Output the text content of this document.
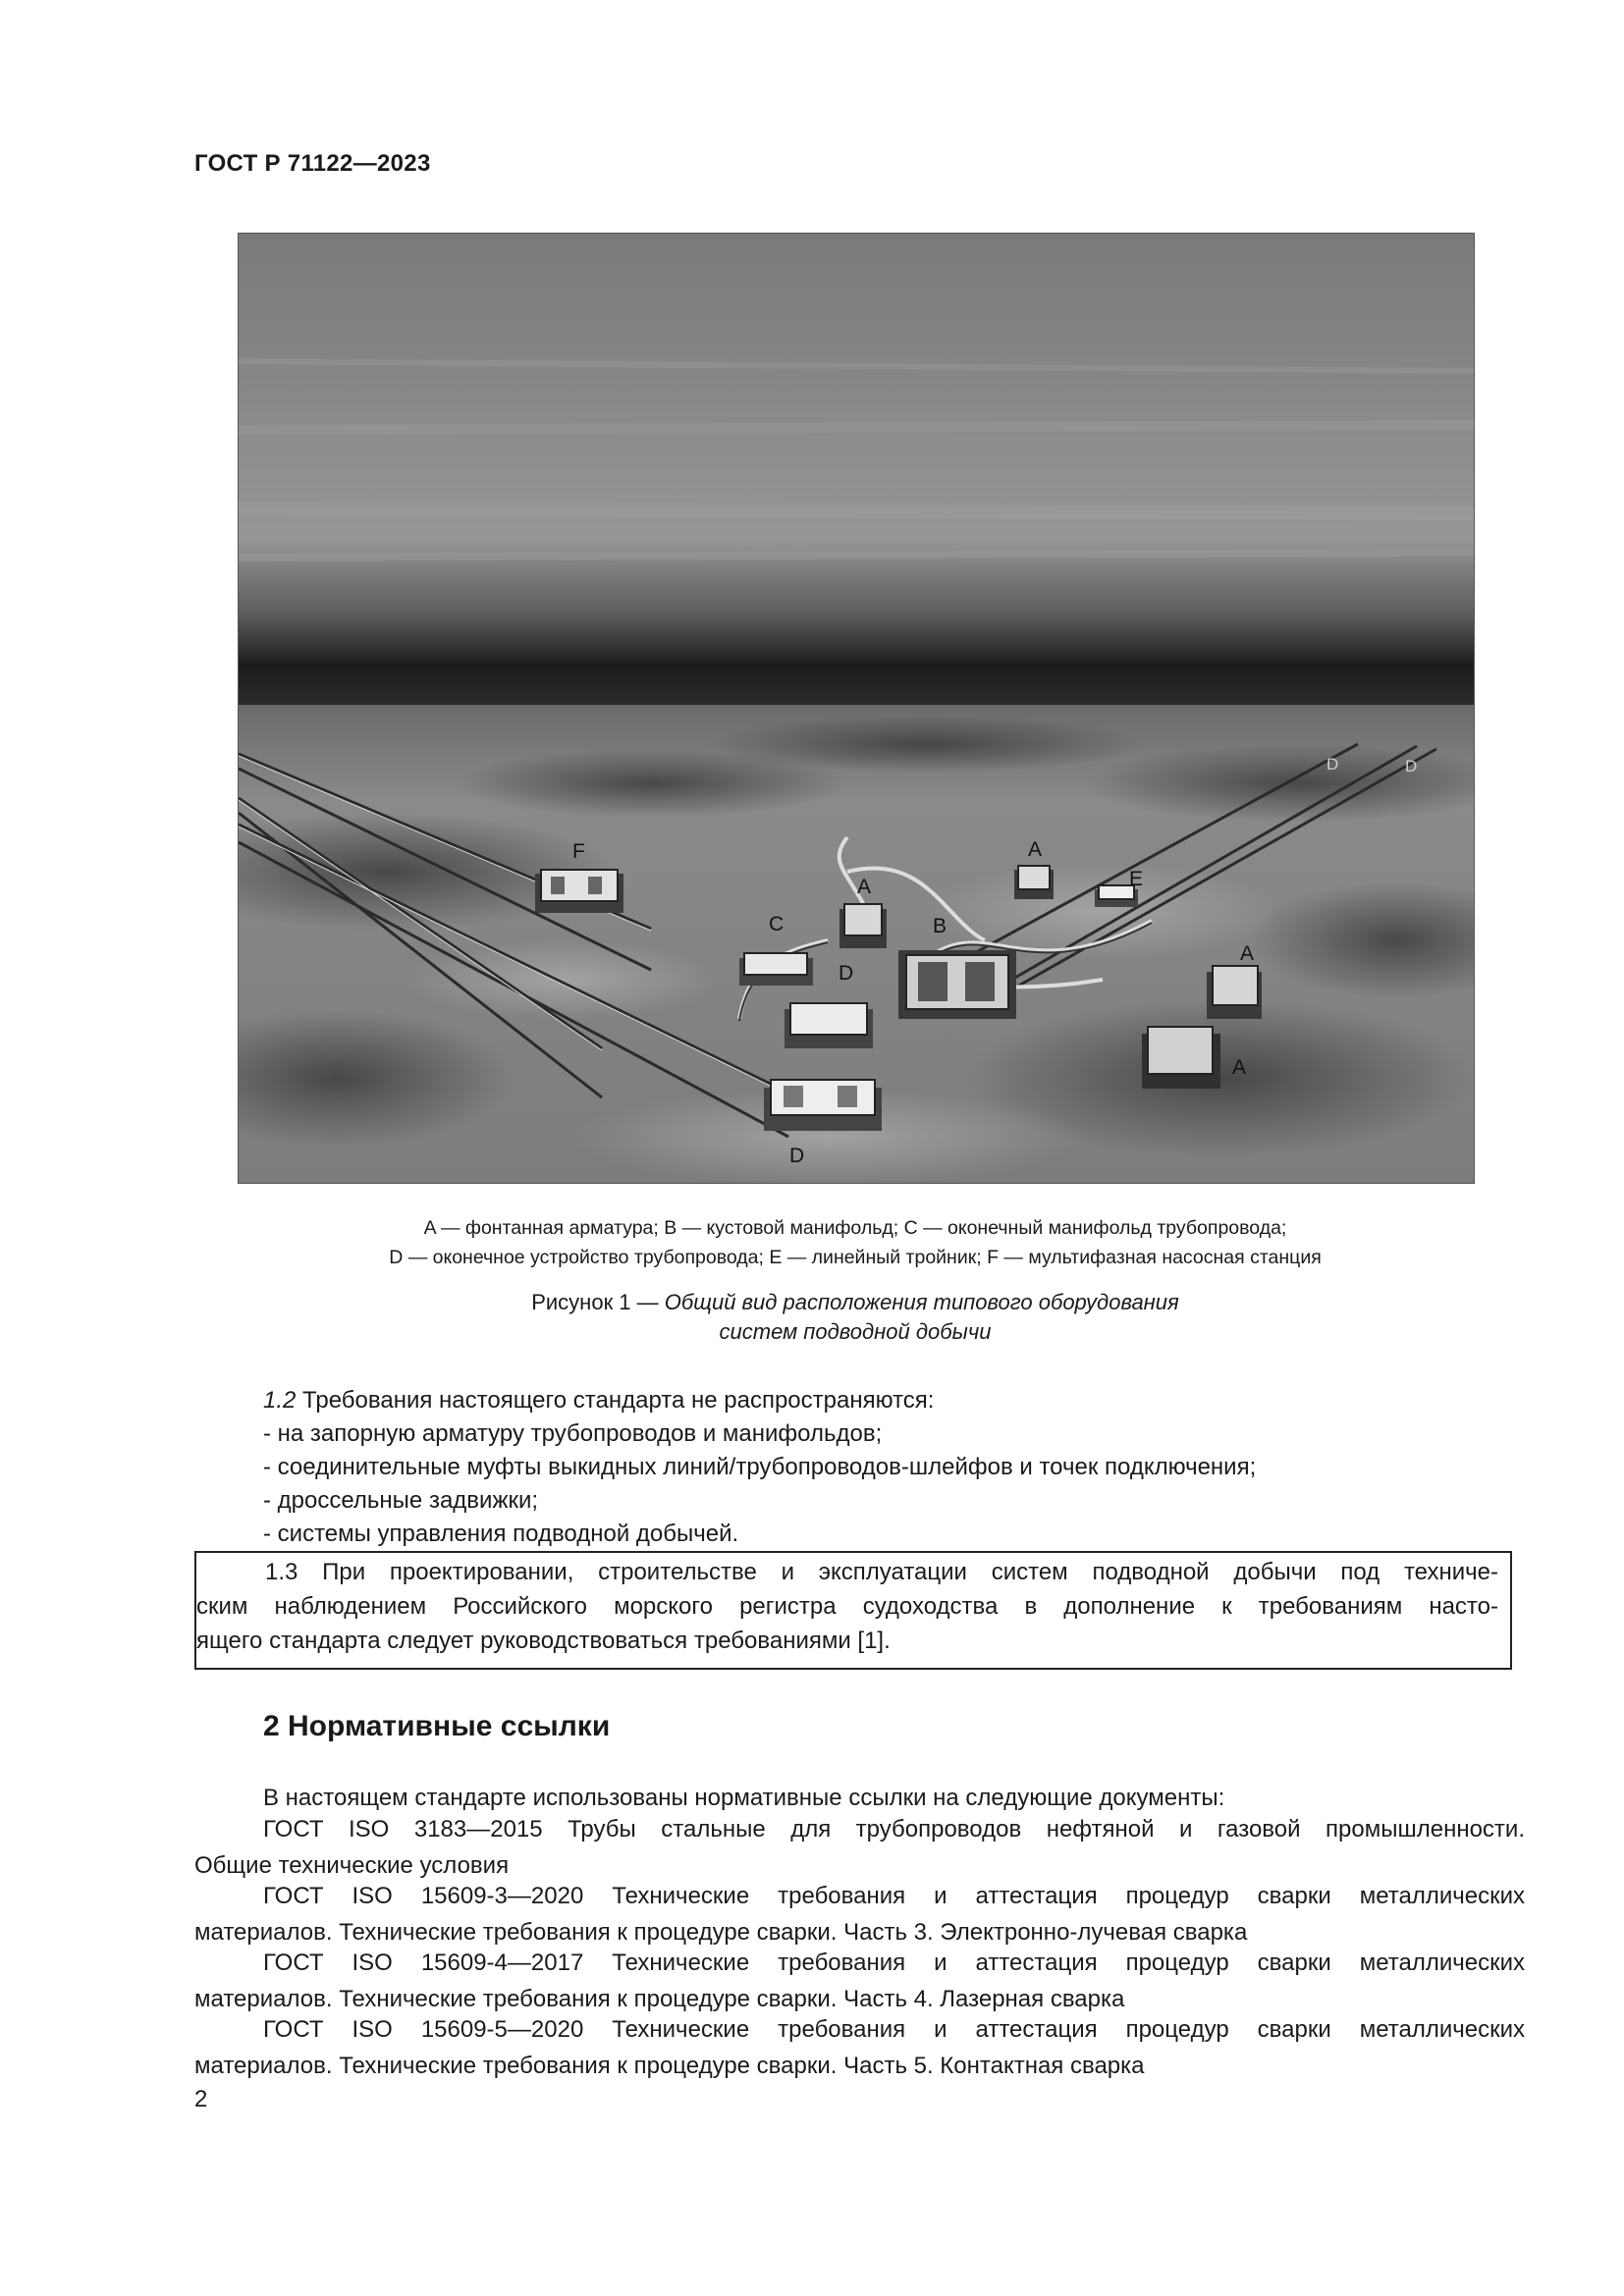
ГОСТ Р 71122—2023
F
A
C	B
D
D
A
E
A
A
D	D
A — фонтанная арматура; B — кустовой манифольд; C — оконечный манифольд трубопровода;
D — оконечное устройство трубопровода; E — линейный тройник; F — мультифазная насосная станция
Рисунок 1 — Общий вид расположения типового оборудования
систем подводной добычи
1.2 Требования настоящего стандарта не распространяются:
- на запорную арматуру трубопроводов и манифольдов;
- соединительные муфты выкидных линий/трубопроводов-шлейфов и точек подключения;
- дроссельные задвижки;
- системы управления подводной добычей.
1.3 При проектировании, строительстве и эксплуатации систем подводной добычи под техниче-
ским наблюдением Российского морского регистра судоходства в дополнение к требованиям насто-
ящего стандарта следует руководствоваться требованиями [1].
2 Нормативные ссылки
В настоящем стандарте использованы нормативные ссылки на следующие документы:
ГОСТ ISO 3183—2015 Трубы стальные для трубопроводов нефтяной и газовой промышленности.
Общие технические условия
ГОСТ ISO 15609-3—2020 Технические требования и аттестация процедур сварки металлических
материалов. Технические требования к процедуре сварки. Часть 3. Электронно-лучевая сварка
ГОСТ ISO 15609-4—2017 Технические требования и аттестация процедур сварки металлических
материалов. Технические требования к процедуре сварки. Часть 4. Лазерная сварка
ГОСТ ISO 15609-5—2020 Технические требования и аттестация процедур сварки металлических
материалов. Технические требования к процедуре сварки. Часть 5. Контактная сварка
2
